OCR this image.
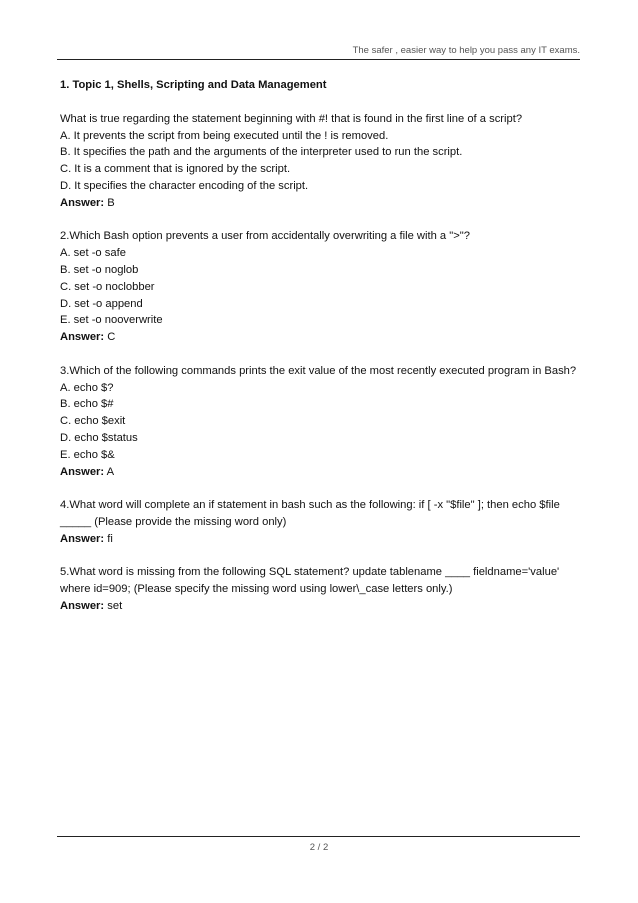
The safer , easier way to help you pass any IT exams.
1. Topic 1, Shells, Scripting and Data Management
What is true regarding the statement beginning with #! that is found in the first line of a script?
A. It prevents the script from being executed until the ! is removed.
B. It specifies the path and the arguments of the interpreter used to run the script.
C. It is a comment that is ignored by the script.
D. It specifies the character encoding of the script.
Answer: B
2.Which Bash option prevents a user from accidentally overwriting a file with a ">"?
A. set -o safe
B. set -o noglob
C. set -o noclobber
D. set -o append
E. set -o nooverwrite
Answer: C
3.Which of the following commands prints the exit value of the most recently executed program in Bash?
A. echo $?
B. echo $#
C. echo $exit
D. echo $status
E. echo $&
Answer: A
4.What word will complete an if statement in bash such as the following: if [ -x "$file" ]; then echo $file _____ (Please provide the missing word only)
Answer: fi
5.What word is missing from the following SQL statement? update tablename ____ fieldname='value' where id=909; (Please specify the missing word using lower\_case letters only.)
Answer: set
2 / 2
